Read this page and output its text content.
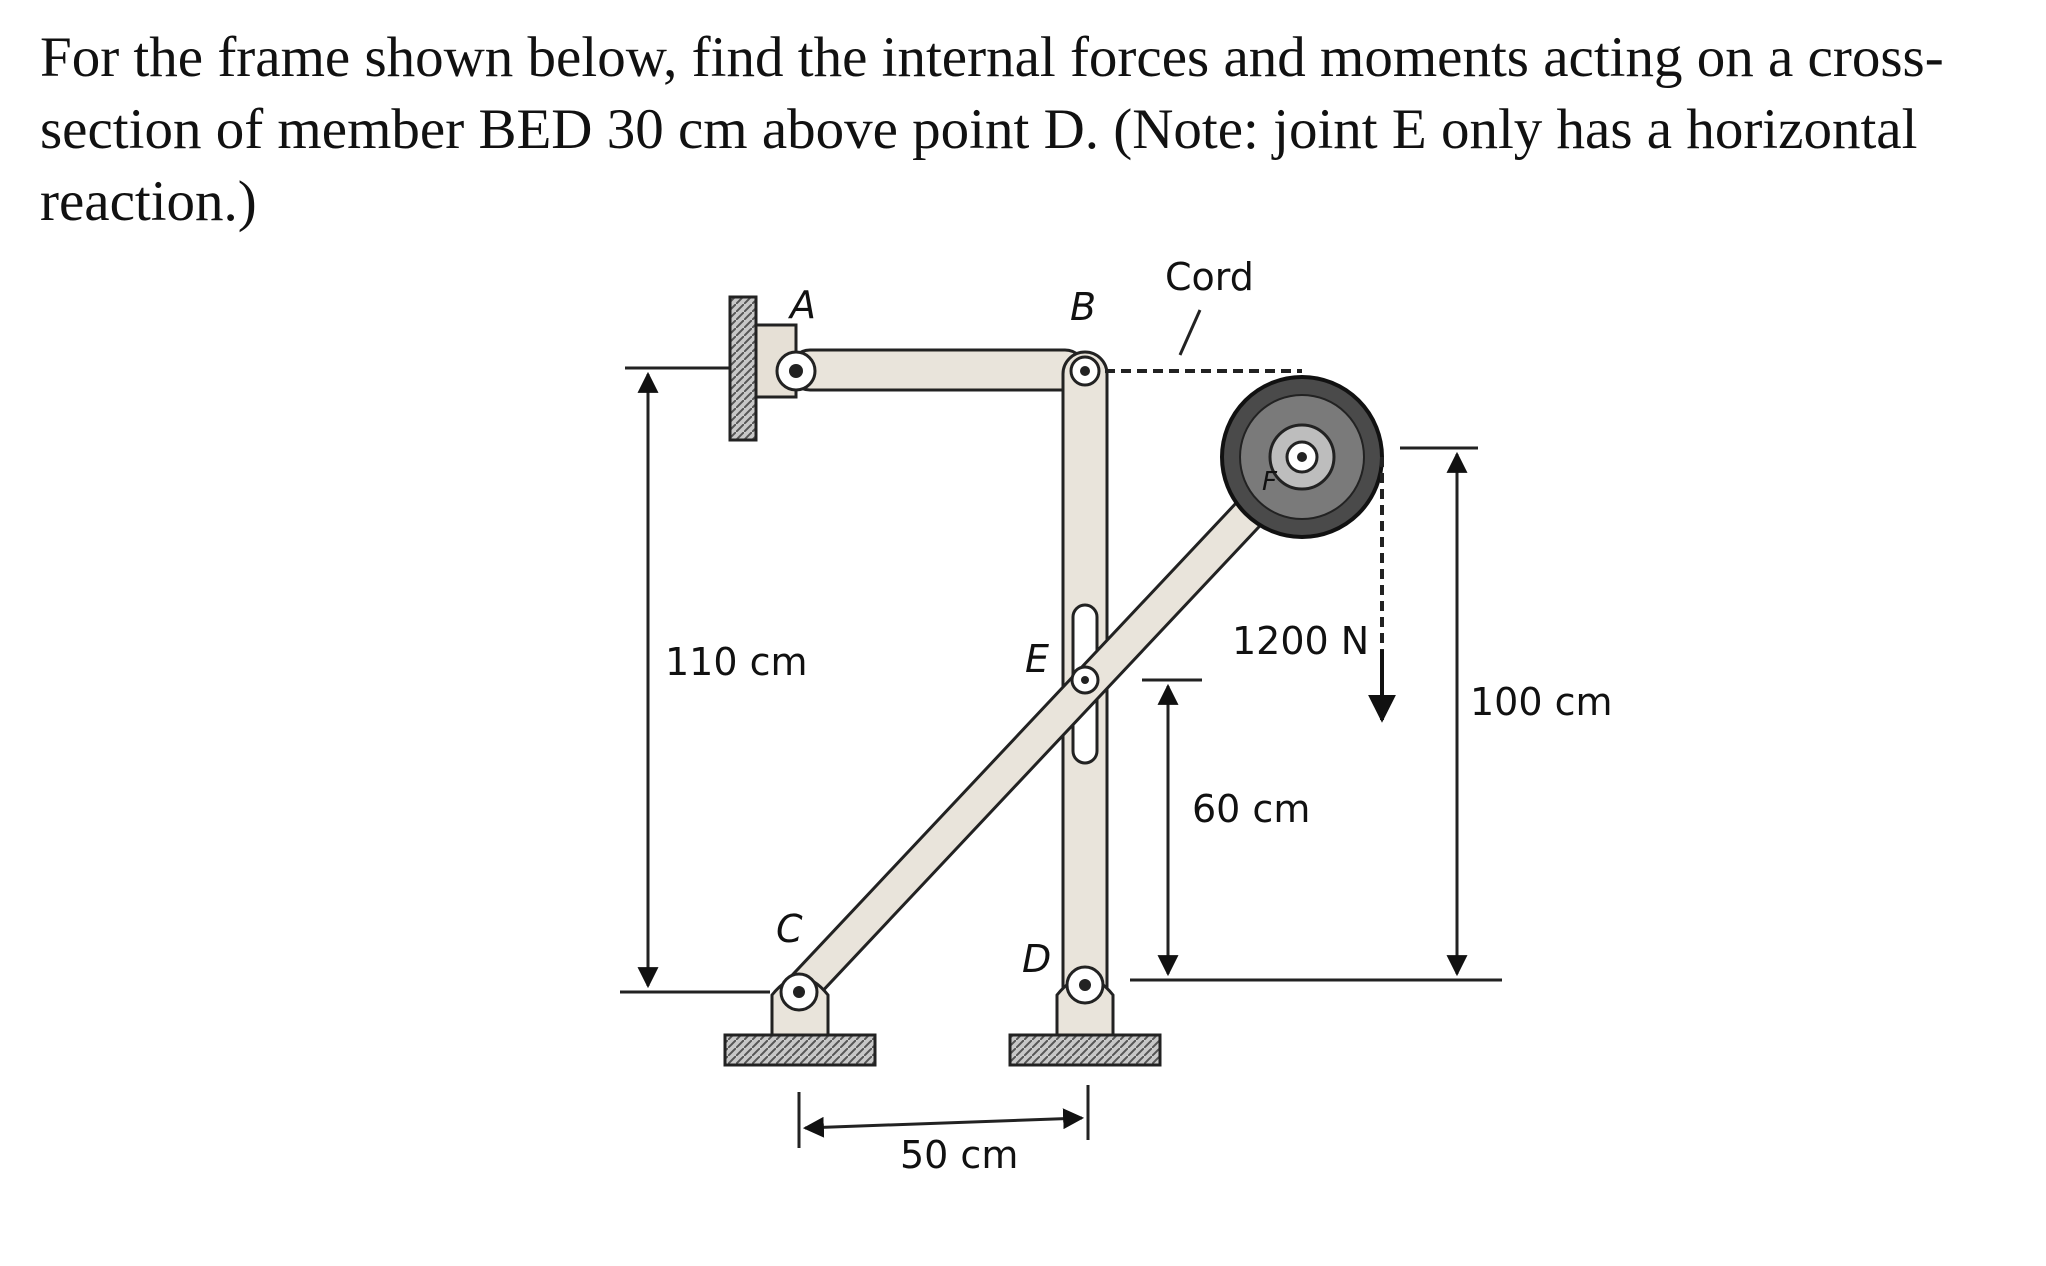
For the frame shown below, find the internal forces and moments acting on a cross-
section of member BED 30 cm above point D. (Note: joint E only has a horizontal
reaction.)
A	B
C
D
E
F
Cord
1200 N
110 cm
60 cm
100 cm
50 cm
